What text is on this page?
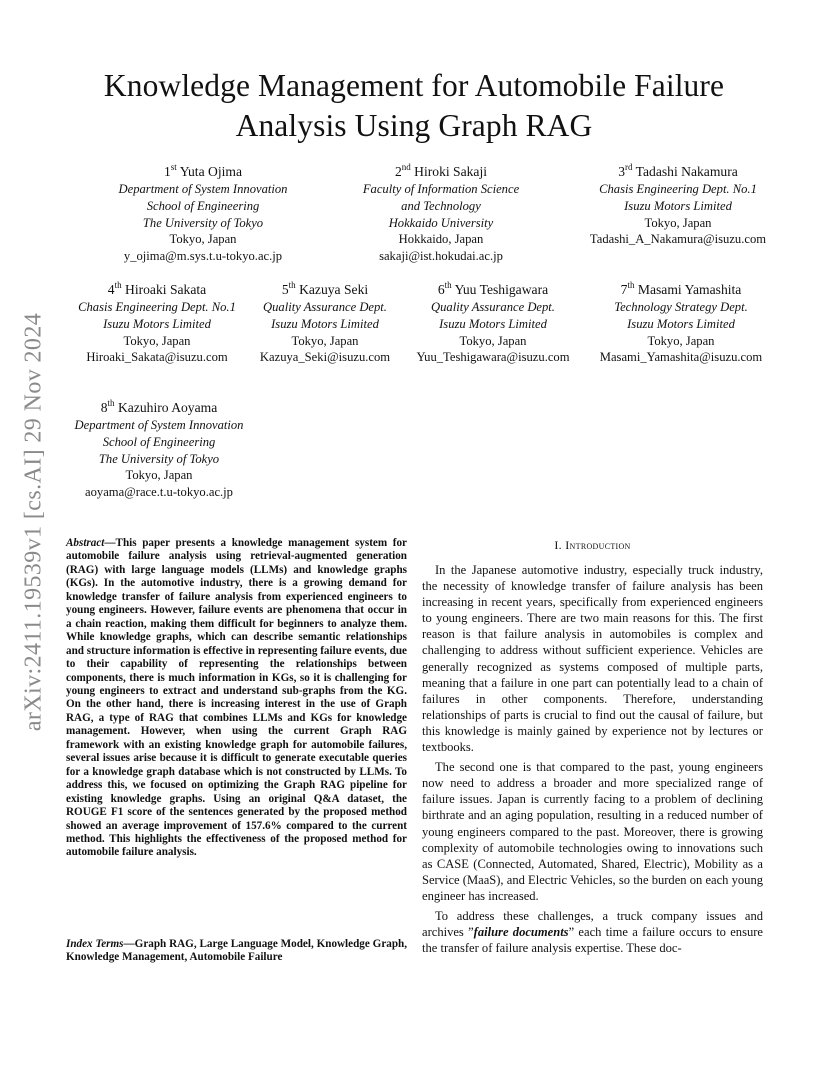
Knowledge Management for Automobile Failure
Analysis Using Graph RAG
1st Yuta Ojima
Department of System Innovation
School of Engineering
The University of Tokyo
Tokyo, Japan
y_ojima@m.sys.t.u-tokyo.ac.jp
2nd Hiroki Sakaji
Faculty of Information Science
and Technology
Hokkaido University
Hokkaido, Japan
sakaji@ist.hokudai.ac.jp
3rd Tadashi Nakamura
Chasis Engineering Dept. No.1
Isuzu Motors Limited
Tokyo, Japan
Tadashi_A_Nakamura@isuzu.com
4th Hiroaki Sakata
Chasis Engineering Dept. No.1
Isuzu Motors Limited
Tokyo, Japan
Hiroaki_Sakata@isuzu.com
5th Kazuya Seki
Quality Assurance Dept.
Isuzu Motors Limited
Tokyo, Japan
Kazuya_Seki@isuzu.com
6th Yuu Teshigawara
Quality Assurance Dept.
Isuzu Motors Limited
Tokyo, Japan
Yuu_Teshigawara@isuzu.com
7th Masami Yamashita
Technology Strategy Dept.
Isuzu Motors Limited
Tokyo, Japan
Masami_Yamashita@isuzu.com
8th Kazuhiro Aoyama
Department of System Innovation
School of Engineering
The University of Tokyo
Tokyo, Japan
aoyama@race.t.u-tokyo.ac.jp
arXiv:2411.19539v1 [cs.AI] 29 Nov 2024 Abstract—This paper presents a knowledge management system for automobile failure analysis using retrieval-augmented generation (RAG) with large language models (LLMs) and knowledge graphs (KGs). In the automotive industry, there is a growing demand for knowledge transfer of failure analysis from experienced engineers to young engineers. However, failure events are phenomena that occur in a chain reaction, making them difficult for beginners to analyze them. While knowledge graphs, which can describe semantic relationships and structure information is effective in representing failure events, due to their capability of representing the relationships between components, there is much information in KGs, so it is challenging for young engineers to extract and understand sub-graphs from the KG. On the other hand, there is increasing interest in the use of Graph RAG, a type of RAG that combines LLMs and KGs for knowledge management. However, when using the current Graph RAG framework with an existing knowledge graph for automobile failures, several issues arise because it is difficult to generate executable queries for a knowledge graph database which is not constructed by LLMs. To address this, we focused on optimizing the Graph RAG pipeline for existing knowledge graphs. Using an original Q&A dataset, the ROUGE F1 score of the sentences generated by the proposed method showed an average improvement of 157.6% compared to the current method. This highlights the effectiveness of the proposed method for automobile failure analysis.
Index Terms—Graph RAG, Large Language Model, Knowledge Graph, Knowledge Management, Automobile Failure
I. Introduction

In the Japanese automotive industry, especially truck industry, the necessity of knowledge transfer of failure analysis has been increasing in recent years, specifically from experienced engineers to young engineers. There are two main reasons for this. The first reason is that failure analysis in automobiles is complex and challenging to address without sufficient experience. Vehicles are generally recognized as systems composed of multiple parts, meaning that a failure in one part can potentially lead to a chain of failures in other components. Therefore, understanding relationships of parts is crucial to find out the causal of failure, but this knowledge is mainly gained by experience not by lectures or textbooks.

The second one is that compared to the past, young engineers now need to address a broader and more specialized range of failure issues. Japan is currently facing to a problem of declining birthrate and an aging population, resulting in a reduced number of young engineers compared to the past. Moreover, there is growing complexity of automobile technologies owing to innovations such as CASE (Connected, Automated, Shared, Electric), Mobility as a Service (MaaS), and Electric Vehicles, so the burden on each young engineer has increased.

To address these challenges, a truck company issues and archives ”failure documents” each time a failure occurs to ensure the transfer of failure analysis expertise. These doc-
